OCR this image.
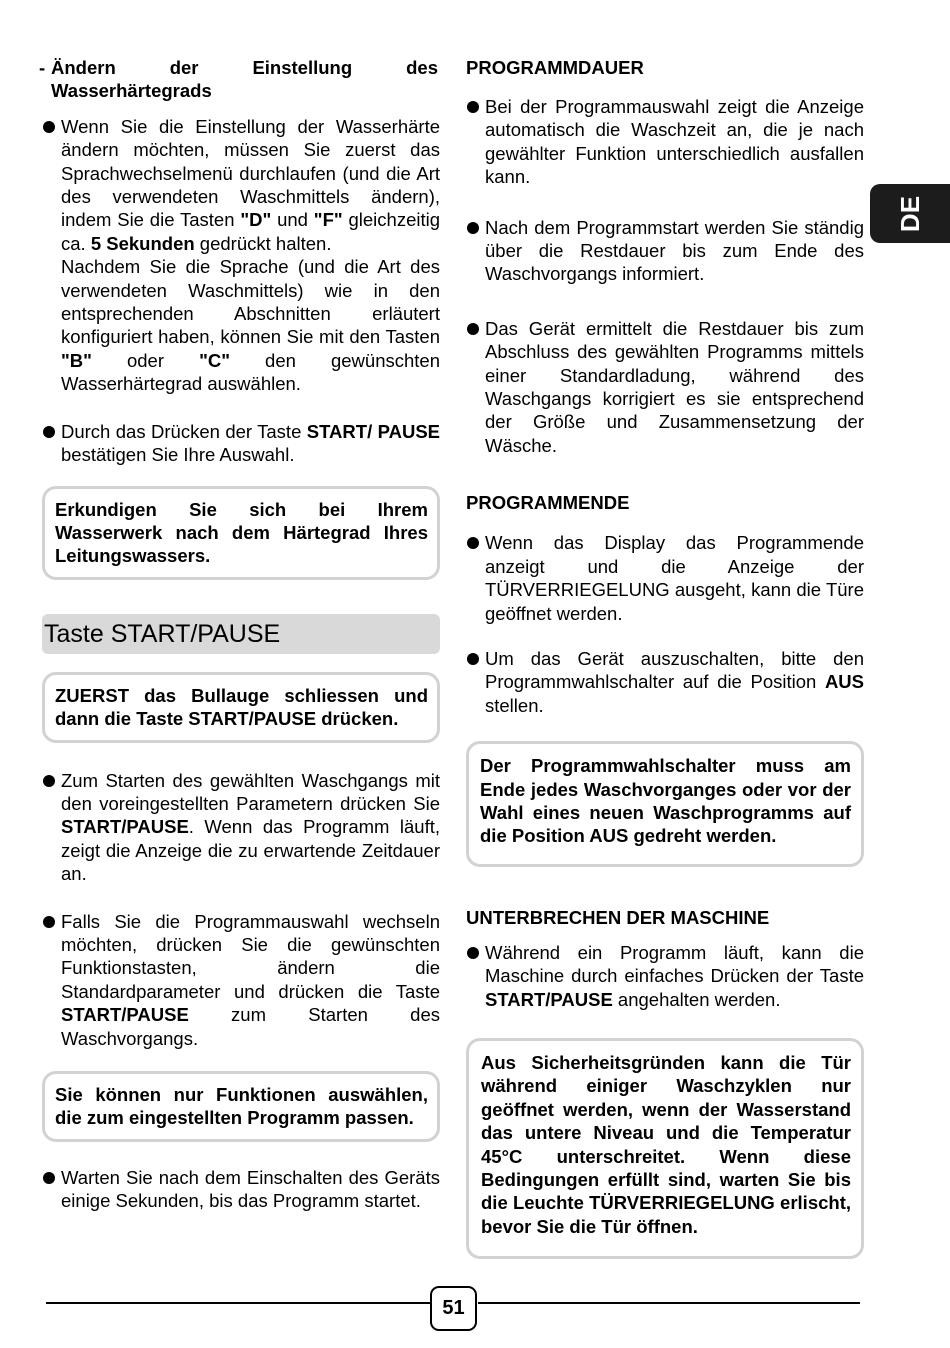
DE

- Ändern der Einstellung des Wasserhärtegrads

Wenn Sie die Einstellung der Wasserhärte ändern möchten, müssen Sie zuerst das Sprachwechselmenü durchlaufen (und die Art des verwendeten Waschmittels ändern), indem Sie die Tasten "D" und "F" gleichzeitig ca. 5 Sekunden gedrückt halten.
Nachdem Sie die Sprache (und die Art des verwendeten Waschmittels) wie in den entsprechenden Abschnitten erläutert konfiguriert haben, können Sie mit den Tasten "B" oder "C" den gewünschten Wasserhärtegrad auswählen.

Durch das Drücken der Taste START/ PAUSE bestätigen Sie Ihre Auswahl.

Erkundigen Sie sich bei Ihrem Wasserwerk nach dem Härtegrad Ihres Leitungswassers.
Taste START/PAUSE
ZUERST das Bullauge schliessen und dann die Taste START/PAUSE drücken.

Zum Starten des gewählten Waschgangs mit den voreingestellten Parametern drücken Sie START/PAUSE. Wenn das Programm läuft, zeigt die Anzeige die zu erwartende Zeitdauer an.

Falls Sie die Programmauswahl wechseln möchten, drücken Sie die gewünschten Funktionstasten, ändern die Standardparameter und drücken die Taste START/PAUSE zum Starten des Waschvorgangs.

Sie können nur Funktionen auswählen, die zum eingestellten Programm passen.

Warten Sie nach dem Einschalten des Geräts einige Sekunden, bis das Programm startet.

PROGRAMMDAUER

Bei der Programmauswahl zeigt die Anzeige automatisch die Waschzeit an, die je nach gewählter Funktion unterschiedlich ausfallen kann.

Nach dem Programmstart werden Sie ständig über die Restdauer bis zum Ende des Waschvorgangs informiert.

Das Gerät ermittelt die Restdauer bis zum Abschluss des gewählten Programms mittels einer Standardladung, während des Waschgangs korrigiert es sie entsprechend der Größe und Zusammensetzung der Wäsche.

PROGRAMMENDE

Wenn das Display das Programmende anzeigt und die Anzeige der TÜRVERRIEGELUNG ausgeht, kann die Türe geöffnet werden.

Um das Gerät auszuschalten, bitte den Programmwahlschalter auf die Position AUS stellen.

Der Programmwahlschalter muss am Ende jedes Waschvorganges oder vor der Wahl eines neuen Waschprogramms auf die Position AUS gedreht werden.

UNTERBRECHEN DER MASCHINE

Während ein Programm läuft, kann die Maschine durch einfaches Drücken der Taste START/PAUSE angehalten werden.

Aus Sicherheitsgründen kann die Tür während einiger Waschzyklen nur geöffnet werden, wenn der Wasserstand das untere Niveau und die Temperatur 45°C unterschreitet. Wenn diese Bedingungen erfüllt sind, warten Sie bis die Leuchte TÜRVERRIEGELUNG erlischt, bevor Sie die Tür öffnen.
51
